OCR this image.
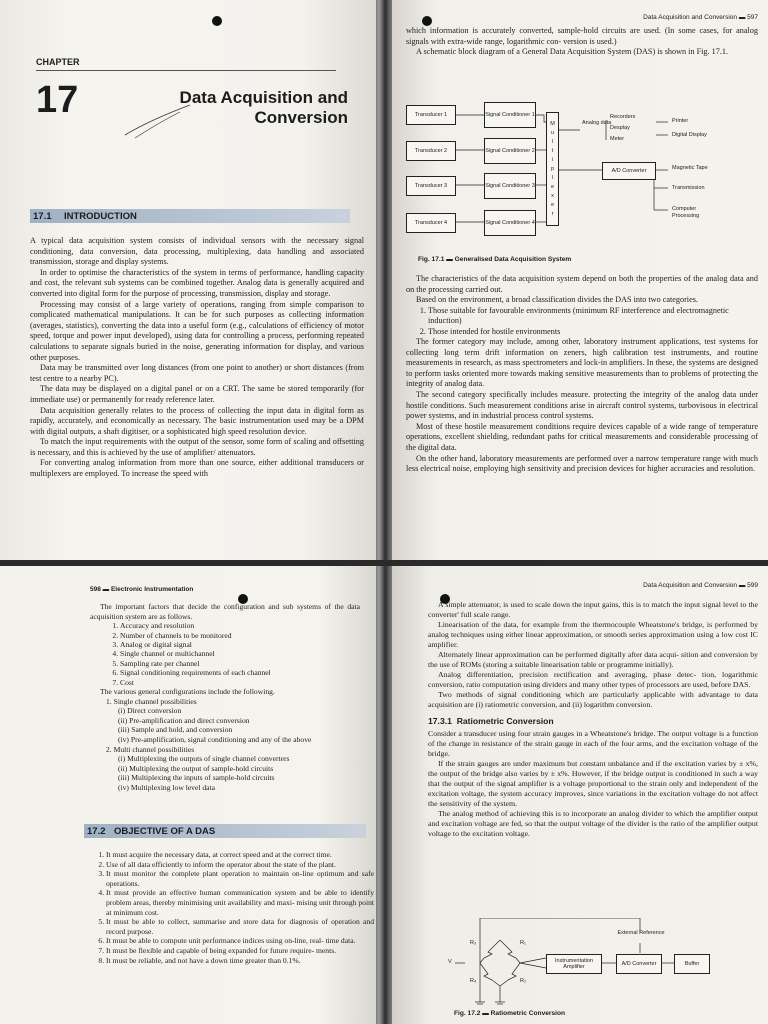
CHAPTER
17	Data Acquisition and
Conversion
17.1 INTRODUCTION

A typical data acquisition system consists of individual sensors with the necessary signal conditioning, data conversion, data processing, multiplexing, data handling and associated transmission, storage and display systems.

In order to optimise the characteristics of the system in terms of performance, handling capacity and cost, the relevant sub systems can be combined together. Analog data is generally acquired and converted into digital form for the purpose of processing, transmission, display and storage.

Processing may consist of a large variety of operations, ranging from simple comparison to complicated mathematical manipulations. It can be for such purposes as collecting information (averages, statistics), converting the data into a useful form (e.g., calculations of efficiency of motor speed, torque and power input developed), using data for controlling a process, performing repeated calculations to separate signals buried in the noise, generating information for display, and various other purposes.

Data may be transmitted over long distances (from one point to another) or short distances (from test centre to a nearby PC).

The data may be displayed on a digital panel or on a CRT. The same be stored temporarily (for immediate use) or permanently for ready reference later.

Data acquisition generally relates to the process of collecting the input data in digital form as rapidly, accurately, and economically as necessary. The basic instrumentation used may be a DPM with digital outputs, a shaft digitiser, or a sophisticated high speed resolution device.

To match the input requirements with the output of the sensor, some form of scaling and offsetting is necessary, and this is achieved by the use of amplifier/ attenuators.

For converting analog information from more than one source, either additional transducers or multiplexers are employed. To increase the speed with

Data Acquisition and Conversion ▬ 597

which information is accurately converted, sample-hold circuits are used. (In some cases, for analog signals with extra-wide range, logarithmic con- version is used.)

A schematic block diagram of a General Data Acquisition System (DAS) is shown in Fig. 17.1.

Transducer 1
Transducer 2
Transducer 3
Transducer 4
Signal Conditioner 1
Signal Conditioner 2
Signal Conditioner 3
Signal Conditioner 4
M
u
l
t
i
p
l
e
x
e
r
Analog data
Recorders
Desplay
Meter
A/D Converter
Printer
Digital Display
Magnetic Tape
Transmission
Computer Processing
Fig. 17.1 ▬ Generalised Data Acquisition System

The characteristics of the data acquisition system depend on both the properties of the analog data and on the processing carried out.

Based on the environment, a broad classification divides the DAS into two categories.

1. Those suitable for favourable environments (minimum RF interference and electromagnetic induction)
2. Those intended for hostile environments

The former category may include, among other, laboratory instrument applications, test systems for collecting long term drift information on zeners, high calibration test instruments, and routine measurements in research, as mass spectrometers and lock-in amplifiers. In these, the systems are designed to perform tasks oriented more towards making sensitive measurements than to problems of protecting the integrity of analog data.

The second category specifically includes measure. protecting the integrity of the analog data under hostile conditions. Such measurement conditions arise in aircraft control systems, turbovisous in electrical power systems, and in industrial process control systems.

Most of these hostile measurement conditions require devices capable of a wide range of temperature operations, excellent shielding, redundant paths for critical measurements and considerable processing of the digital data.

On the other hand, laboratory measurements are performed over a narrow temperature range with much less electrical noise, employing high sensitivity and precision devices for higher accuracies and resolution.

598 ▬ Electronic Instrumentation

The important factors that decide the configuration and sub systems of the data acquisition system are as follows.

1. Accuracy and resolution
2. Number of channels to be monitored
3. Analog or digital signal
4. Single channel or multichannel
5. Sampling rate per channel
6. Signal conditioning requirements of each channel
7. Cost

The various general configurations include the following.

1. Single channel possibilities
(i) Direct conversion
(ii) Pre-amplification and direct conversion
(iii) Sample and hold, and conversion
(iv) Pre-amplification, signal conditioning and any of the above
2. Multi channel possibilities
(i) Multiplexing the outputs of single channel converters
(ii) Multiplexing the output of sample-hold circuits
(iii) Multiplexing the inputs of sample-hold circuits
(iv) Multiplexing low level data
17.2 OBJECTIVE OF A DAS
1. It must acquire the necessary data, at correct speed and at the correct time.
2. Use of all data efficiently to inform the operator about the state of the plant.
3. It must monitor the complete plant operation to maintain on-line optimum and safe operations.
4. It must provide an effective human communication system and be able to identify problem areas, thereby minimising unit availability and maxi- mising unit through point at minimum cost.
5. It must be able to collect, summarise and store data for diagnosis of operation and record purpose.
6. It must be able to compute unit performance indices using on-line, real- time data.
7. It must be flexible and capable of being expanded for future require- ments.
8. It must be reliable, and not have a down time greater than 0.1%.
Data Acquisition and Conversion ▬ 599

A simple attenuator, is used to scale down the input gains, this is to match the input signal level to the converter' full scale range.

Linearisation of the data, for example from the thermocouple Wheatstone's bridge, is performed by analog techniques using either linear approximation, or smooth series approximation using a low cost IC amplifier.

Alternately linear approximation can be performed digitally after data acqui- sition and conversion by the use of ROMs (storing a suitable linearisation table or programme initially).

Analog differentiation, precision rectification and averaging, phase detec- tion, logarithmic conversion, ratio computation using dividers and many other types of processors are used, before DAS.

Two methods of signal conditioning which are particularly applicable with advantage to data acquisition are (i) ratiometric conversion, and (ii) logarithm conversion.

17.3.1 Ratiometric Conversion

Consider a transducer using four strain gauges in a Wheatstone's bridge. The output voltage is a function of the change in resistance of the strain gauge in each of the four arms, and the excitation voltage of the bridge.

If the strain gauges are under maximum but constant unbalance and if the excitation varies by ± x%, the output of the bridge also varies by ± x%. However, if the bridge output is conditioned in such a way that the output of the signal amplifier is a voltage proportional to the strain only and independent of the excitation voltage, the system accuracy improves, since variations in the excitation voltage do not affect the sensitivity of the system.

The analog method of achieving this is to incorporate an analog divider to which the amplifier output and excitation voltage are fed, so that the output voltage of the divider is the ratio of the amplifier output voltage to the excitation voltage.

V
R₃	R₁
R₄	R₂
Instrumentation Amplifier
A/D Converter	Buffer
External Reference
Fig. 17.2 ▬ Ratiometric Conversion
